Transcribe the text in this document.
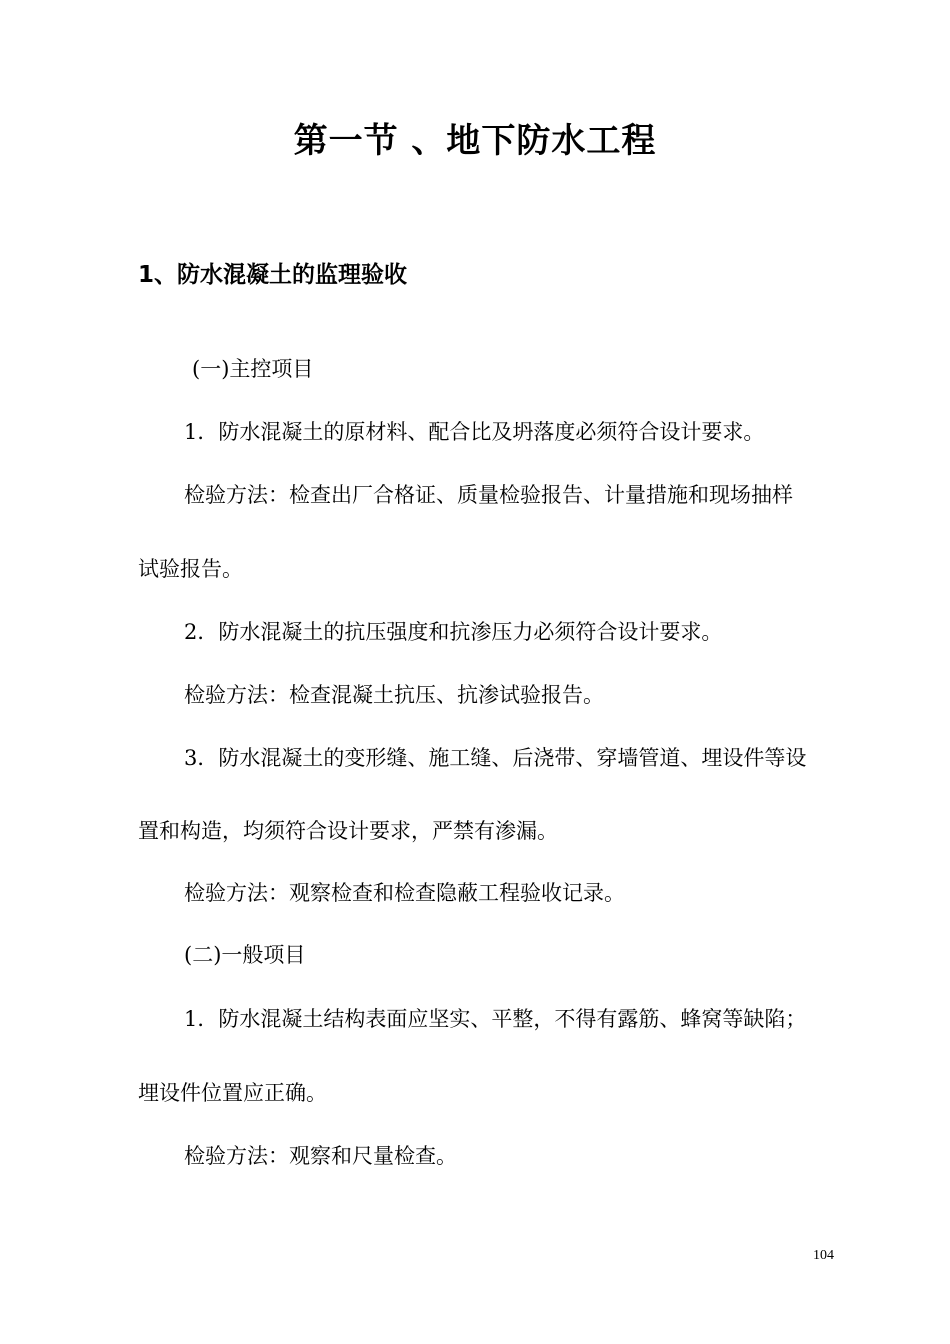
第一节 、地下防水工程
1、防水混凝土的监理验收

(一)主控项目

1．防水混凝土的原材料、配合比及坍落度必须符合设计要求。

检验方法：检查出厂合格证、质量检验报告、计量措施和现场抽样

试验报告。

2．防水混凝土的抗压强度和抗渗压力必须符合设计要求。

检验方法：检查混凝土抗压、抗渗试验报告。

3．防水混凝土的变形缝、施工缝、后浇带、穿墙管道、埋设件等设

置和构造，均须符合设计要求，严禁有渗漏。

检验方法：观察检查和检查隐蔽工程验收记录。

(二)一般项目

1．防水混凝土结构表面应坚实、平整，不得有露筋、蜂窝等缺陷；

埋设件位置应正确。

检验方法：观察和尺量检查。

104
